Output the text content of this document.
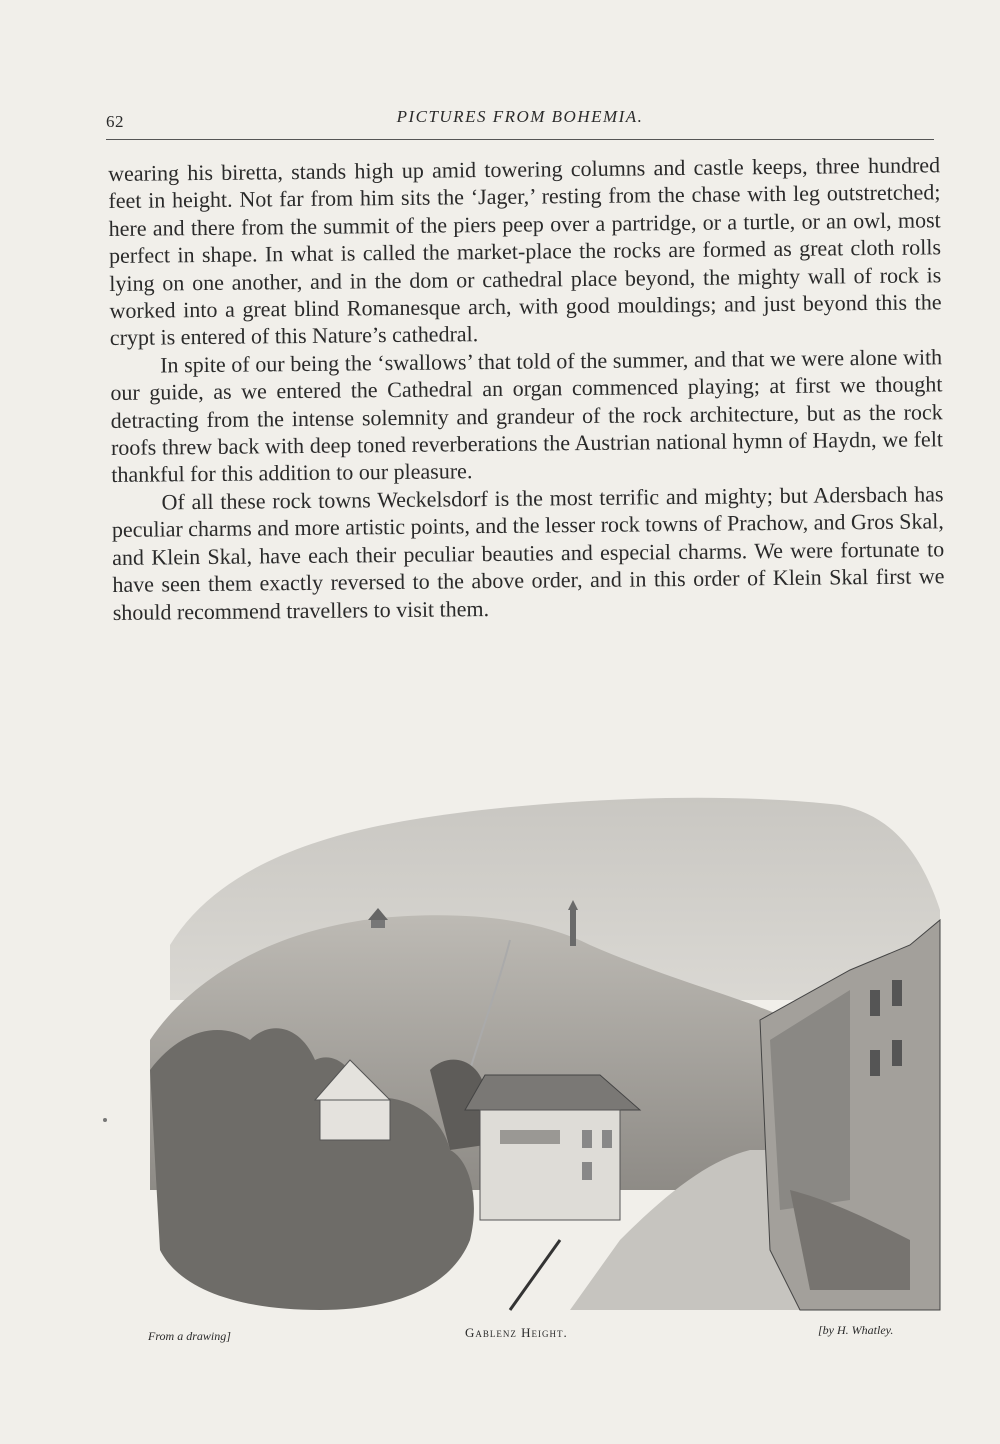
62	PICTURES FROM BOHEMIA.

wearing his biretta, stands high up amid towering columns and castle keeps, three hundred feet in height. Not far from him sits the ‘Jager,’ resting from the chase with leg outstretched; here and there from the summit of the piers peep over a partridge, or a turtle, or an owl, most perfect in shape. In what is called the market-place the rocks are formed as great cloth rolls lying on one another, and in the dom or cathedral place beyond, the mighty wall of rock is worked into a great blind Romanesque arch, with good mouldings; and just beyond this the crypt is entered of this Nature’s cathedral.

In spite of our being the ‘swallows’ that told of the summer, and that we were alone with our guide, as we entered the Cathedral an organ commenced playing; at first we thought detracting from the intense solemnity and grandeur of the rock architecture, but as the rock roofs threw back with deep toned reverberations the Austrian national hymn of Haydn, we felt thankful for this addition to our pleasure.

Of all these rock towns Weckelsdorf is the most terrific and mighty; but Adersbach has peculiar charms and more artistic points, and the lesser rock towns of Prachow, and Gros Skal, and Klein Skal, have each their peculiar beauties and especial charms. We were fortunate to have seen them exactly reversed to the above order, and in this order of Klein Skal first we should recommend travellers to visit them.

From a drawing]	Gablenz Height.	[by H. Whatley.
